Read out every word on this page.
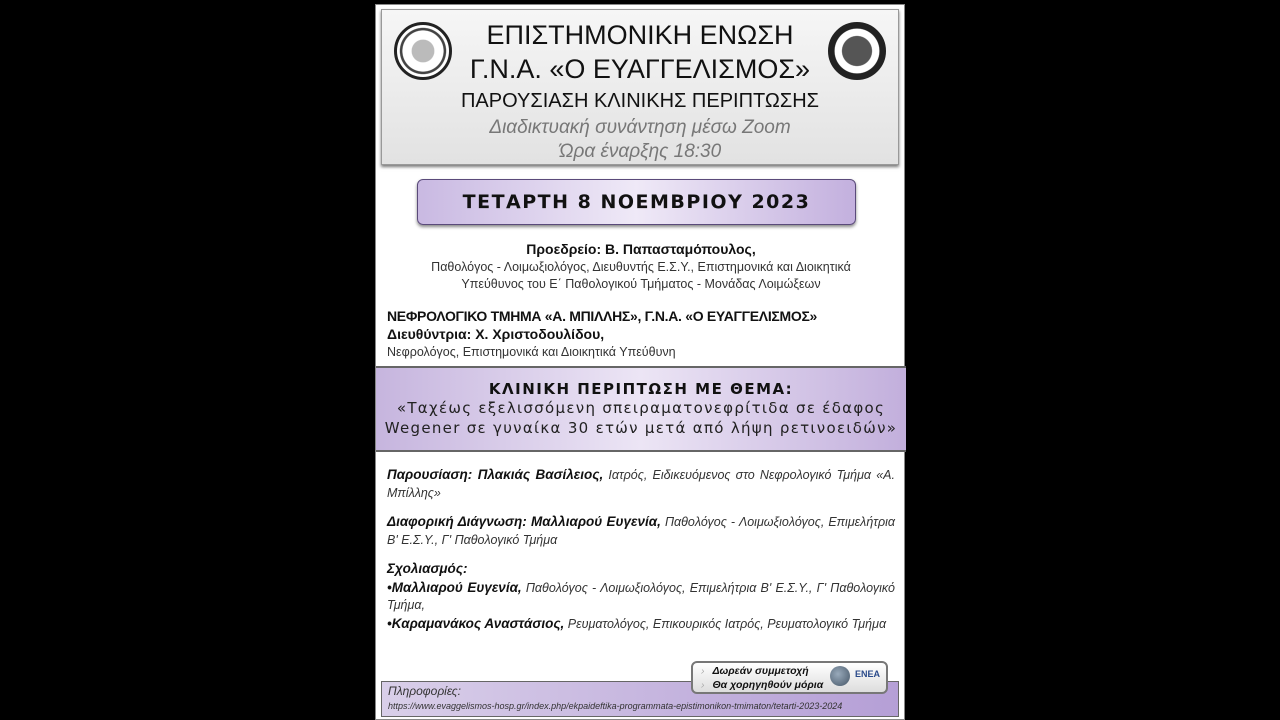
ΕΠΙΣΤΗΜΟΝΙΚΗ ΕΝΩΣΗ
Γ.Ν.Α. «Ο ΕΥΑΓΓΕΛΙΣΜΟΣ»
ΠΑΡΟΥΣΙΑΣΗ ΚΛΙΝΙΚΗΣ ΠΕΡΙΠΤΩΣΗΣ
Διαδικτυακή συνάντηση μέσω Zoom
Ώρα έναρξης 18:30
ΤΕΤΑΡΤΗ 8 ΝΟΕΜΒΡΙΟΥ 2023
Προεδρείο: Β. Παπασταμόπουλος,
Παθολόγος - Λοιμωξιολόγος, Διευθυντής Ε.Σ.Υ., Επιστημονικά και Διοικητικά
Υπεύθυνος του Ε΄ Παθολογικού Τμήματος - Μονάδας Λοιμώξεων
ΝΕΦΡΟΛΟΓΙΚΟ ΤΜΗΜΑ «Α. ΜΠΙΛΛΗΣ», Γ.Ν.Α. «Ο ΕΥΑΓΓΕΛΙΣΜΟΣ»
Διευθύντρια: Χ. Χριστοδουλίδου,
Νεφρολόγος, Επιστημονικά και Διοικητικά Υπεύθυνη
ΚΛΙΝΙΚΗ ΠΕΡΙΠΤΩΣΗ ΜΕ ΘΕΜΑ:
«Ταχέως εξελισσόμενη σπειραματονεφρίτιδα σε έδαφος
Wegener σε γυναίκα 30 ετών μετά από λήψη ρετινοειδών»
Παρουσίαση: Πλακιάς Βασίλειος, Ιατρός, Ειδικευόμενος στο Νεφρολογικό Τμήμα «Α. Μπίλλης»
Διαφορική Διάγνωση: Μαλλιαρού Ευγενία, Παθολόγος - Λοιμωξιολόγος, Επιμελήτρια Β' Ε.Σ.Υ., Γ' Παθολογικό Τμήμα
Σχολιασμός:
•Μαλλιαρού Ευγενία, Παθολόγος - Λοιμωξιολόγος, Επιμελήτρια Β' Ε.Σ.Υ., Γ' Παθολογικό Τμήμα,
•Καραμανάκος Αναστάσιος, Ρευματολόγος, Επικουρικός Ιατρός, Ρευματολογικό Τμήμα
Πληροφορίες:
https://www.evaggelismos-hosp.gr/index.php/ekpaideftika-programmata-epistimonikon-tmimaton/tetarti-2023-2024
› Δωρεάν συμμετοχή
› Θα χορηγηθούν μόρια
ΕΝΕΑ
